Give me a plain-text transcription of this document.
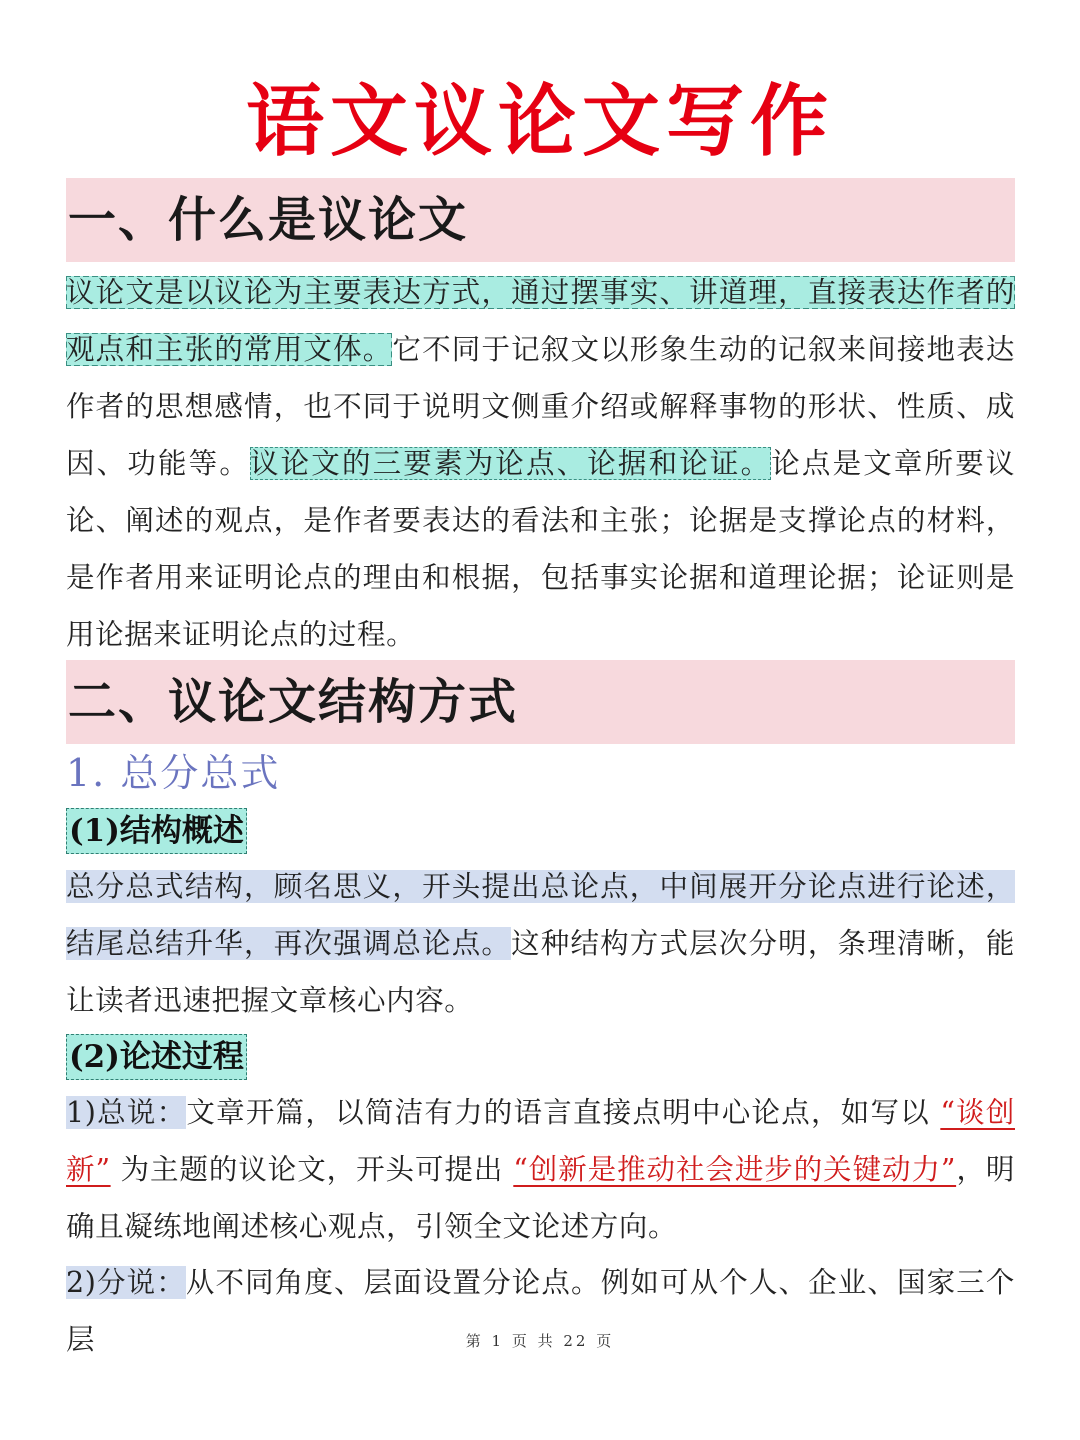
语文议论文写作
一、什么是议论文

议论文是以议论为主要表达方式，通过摆事实、讲道理，直接表达作者的观点和主张的常用文体。它不同于记叙文以形象生动的记叙来间接地表达作者的思想感情，也不同于说明文侧重介绍或解释事物的形状、性质、成因、功能等。议论文的三要素为论点、论据和论证。论点是文章所要议论、阐述的观点，是作者要表达的看法和主张；论据是支撑论点的材料，是作者用来证明论点的理由和根据，包括事实论据和道理论据；论证则是用论据来证明论点的过程。

二、议论文结构方式
1. 总分总式
(1)结构概述

总分总式结构，顾名思义，开头提出总论点，中间展开分论点进行论述，结尾总结升华，再次强调总论点。这种结构方式层次分明，条理清晰，能让读者迅速把握文章核心内容。

(2)论述过程

1)总说：文章开篇，以简洁有力的语言直接点明中心论点，如写以 “谈创新” 为主题的议论文，开头可提出 “创新是推动社会进步的关键动力”，明确且凝练地阐述核心观点，引领全文论述方向。

2)分说：从不同角度、层面设置分论点。例如可从个人、企业、国家三个层	第 1 页 共 22 页
